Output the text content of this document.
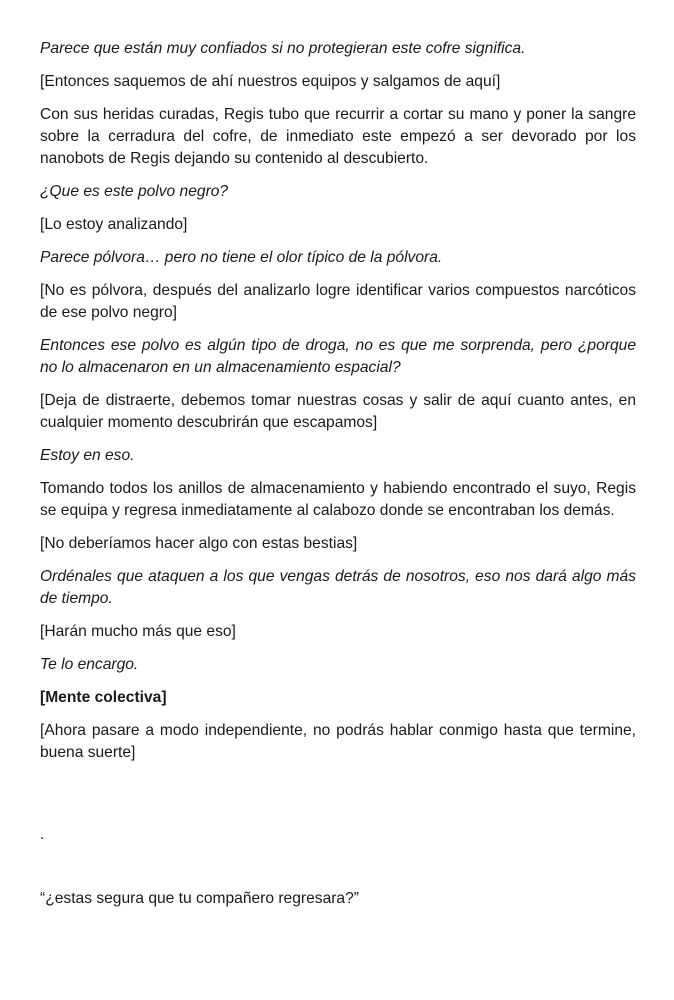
Parece que están muy confiados si no protegieran este cofre significa.

[Entonces saquemos de ahí nuestros equipos y salgamos de aquí]

Con sus heridas curadas, Regis tubo que recurrir a cortar su mano y poner la sangre sobre la cerradura del cofre, de inmediato este empezó a ser devorado por los nanobots de Regis dejando su contenido al descubierto.

¿Que es este polvo negro?

[Lo estoy analizando]

Parece pólvora… pero no tiene el olor típico de la pólvora.

[No es pólvora, después del analizarlo logre identificar varios compuestos narcóticos de ese polvo negro]

Entonces ese polvo es algún tipo de droga, no es que me sorprenda, pero ¿porque no lo almacenaron en un almacenamiento espacial?

[Deja de distraerte, debemos tomar nuestras cosas y salir de aquí cuanto antes, en cualquier momento descubrirán que escapamos]

Estoy en eso.

Tomando todos los anillos de almacenamiento y habiendo encontrado el suyo, Regis se equipa y regresa inmediatamente al calabozo donde se encontraban los demás.

[No deberíamos hacer algo con estas bestias]

Ordénales que ataquen a los que vengas detrás de nosotros, eso nos dará algo más de tiempo.

[Harán mucho más que eso]

Te lo encargo.

[Mente colectiva]

[Ahora pasare a modo independiente, no podrás hablar conmigo hasta que termine, buena suerte]

.
“¿estas segura que tu compañero regresara?”
